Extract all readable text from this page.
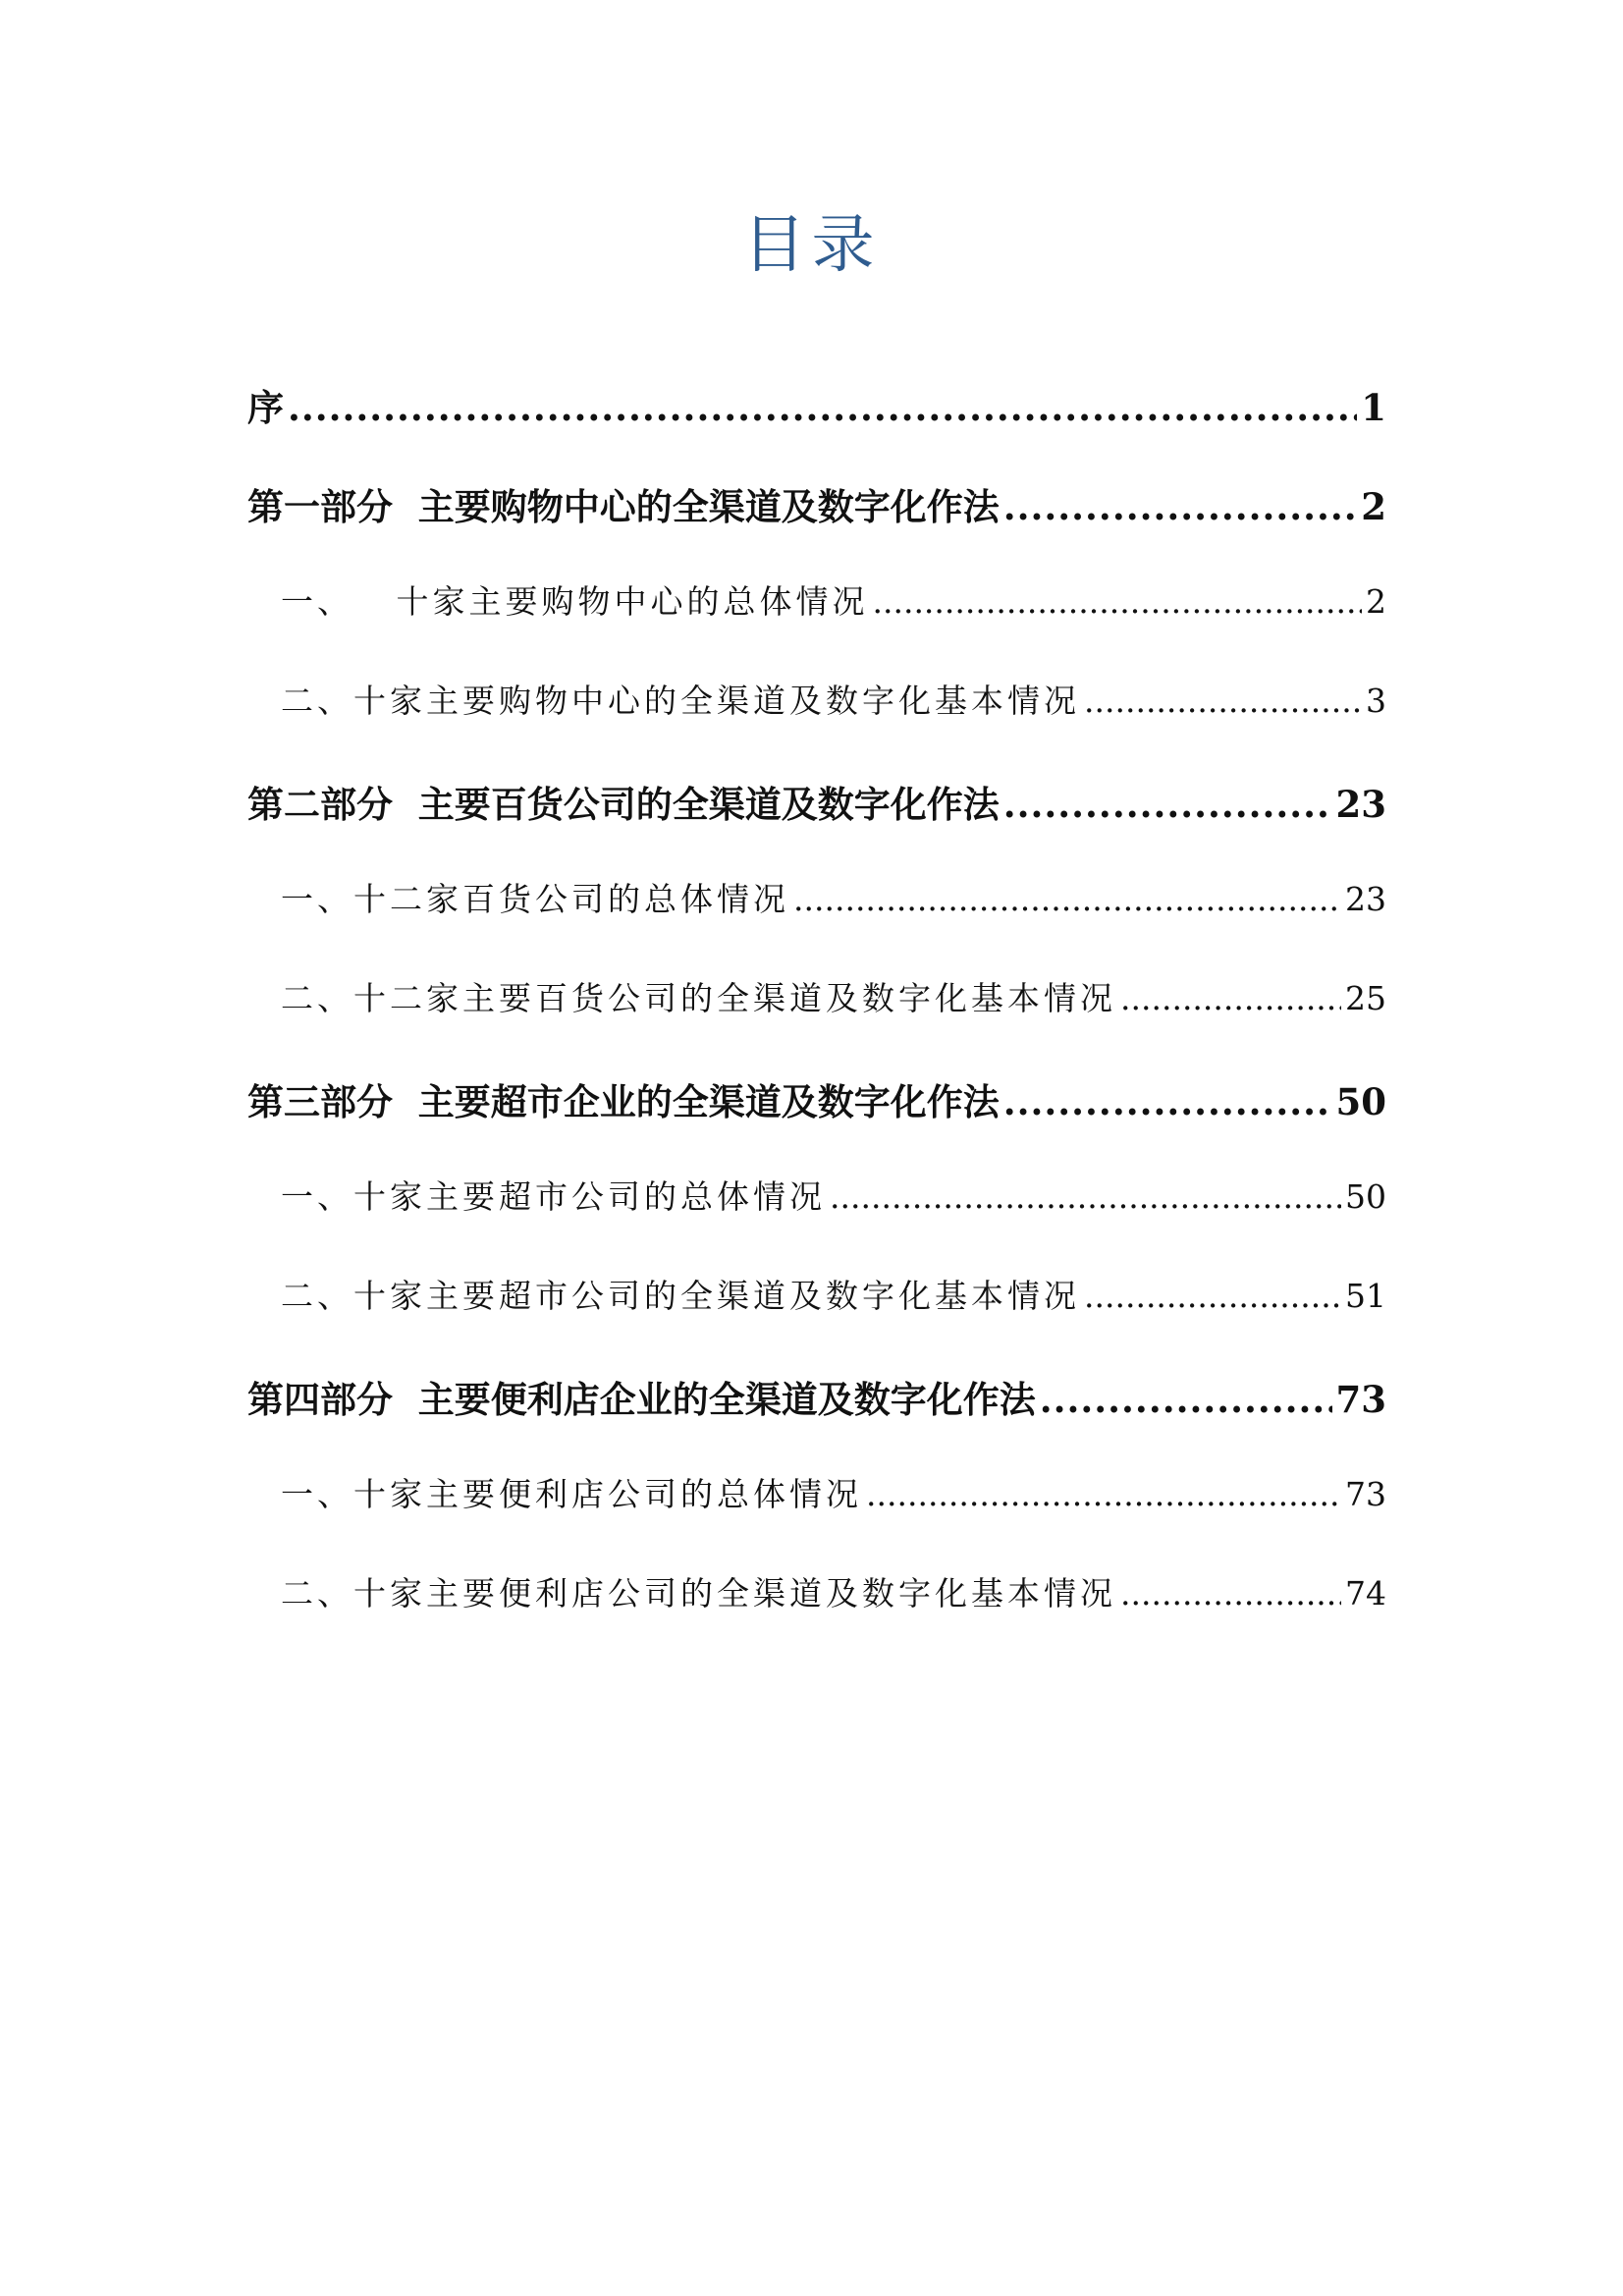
目录
序 .....	1
第一部分  主要购物中心的全渠道及数字化作法 .....	2
一、   十家主要购物中心的总体情况 .....	2
二、十家主要购物中心的全渠道及数字化基本情况 .....	3
第二部分  主要百货公司的全渠道及数字化作法 .....	23
一、十二家百货公司的总体情况 .....	23
二、十二家主要百货公司的全渠道及数字化基本情况 .....	25
第三部分  主要超市企业的全渠道及数字化作法 .....	50
一、十家主要超市公司的总体情况 .....	50
二、十家主要超市公司的全渠道及数字化基本情况 .....	51
第四部分  主要便利店企业的全渠道及数字化作法 .....	73
一、十家主要便利店公司的总体情况 .....	73
二、十家主要便利店公司的全渠道及数字化基本情况 .....	74
